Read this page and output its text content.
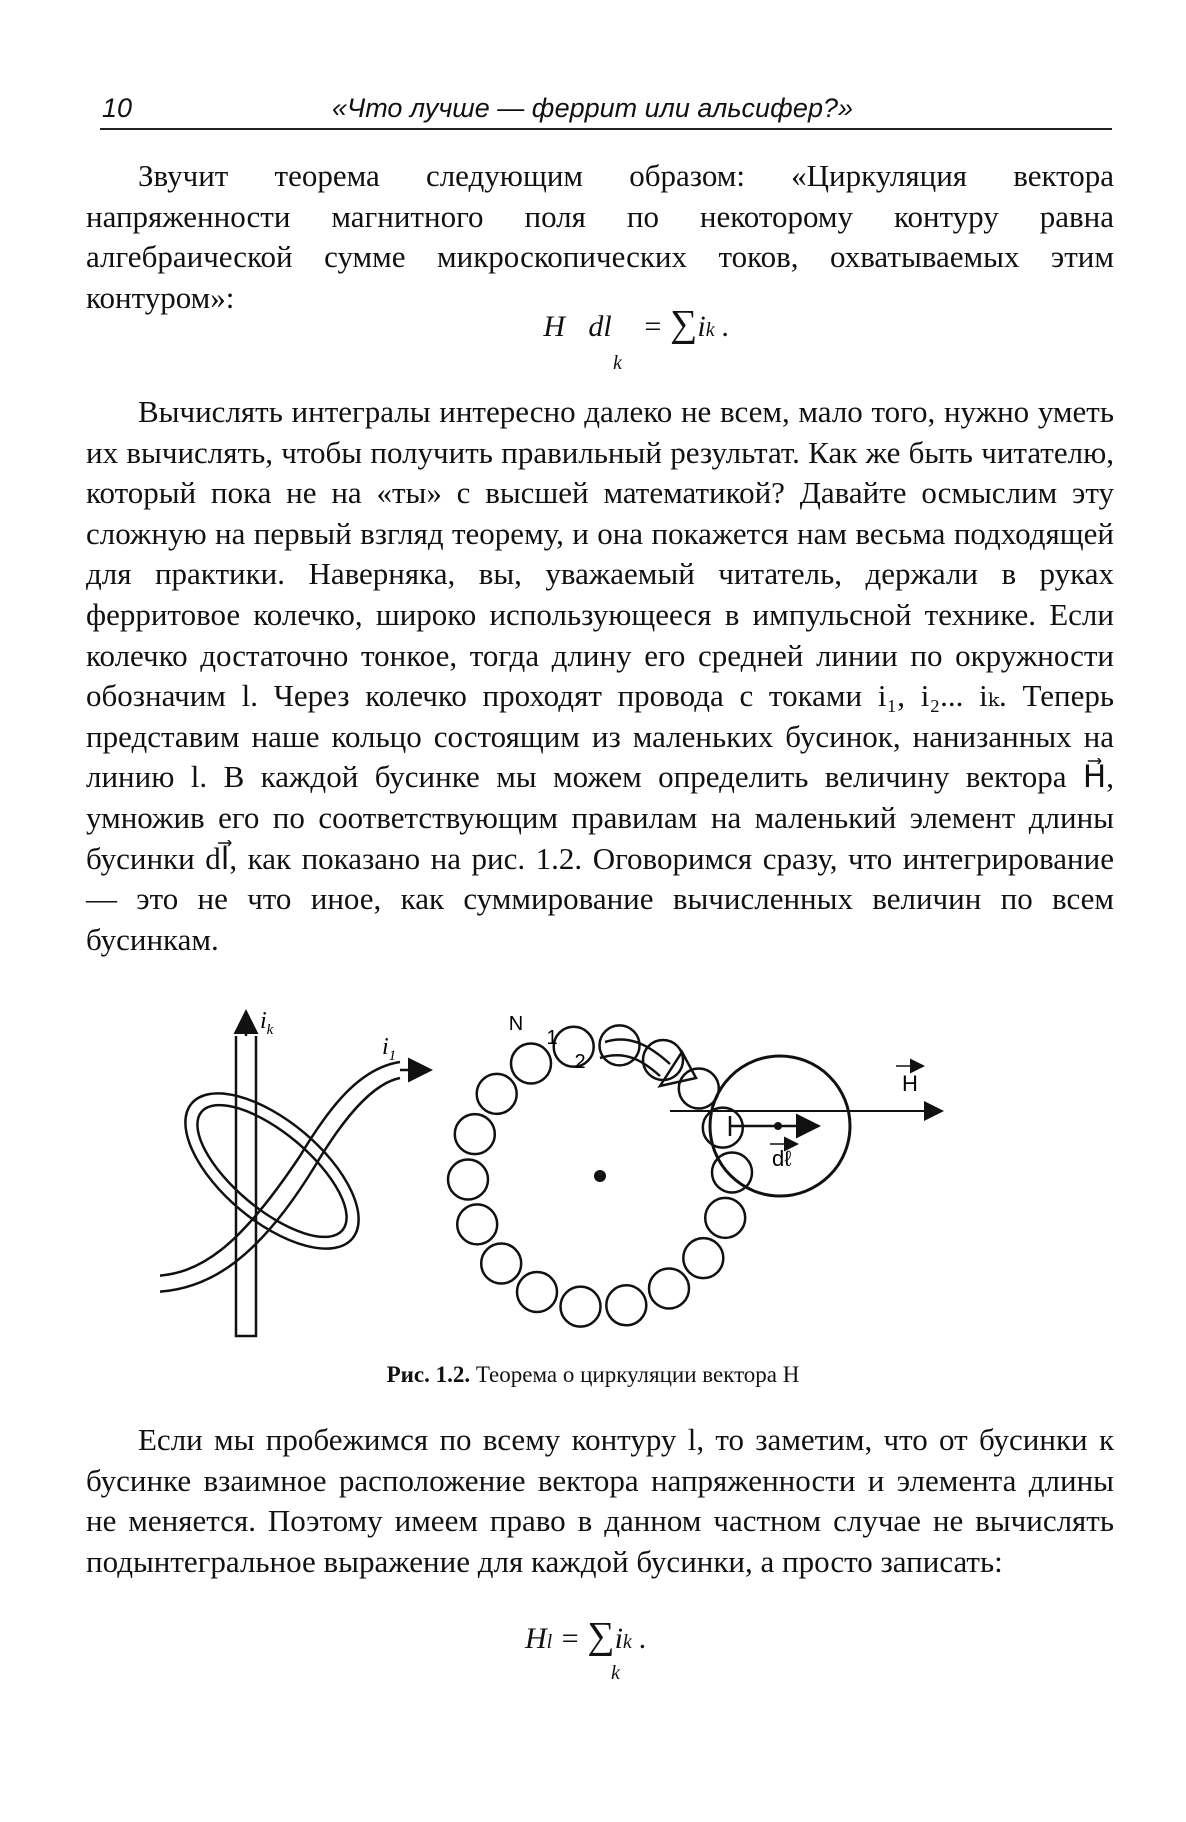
10	«Что лучше — феррит или альсифер?»

Звучит теорема следующим образом: «Циркуляция вектора напряженности магнитного поля по некоторому контуру равна алгебраической сумме микроскопических токов, охватываемых этим контуром»:

∮H⃗dl⃗ = ∑ik .
k

Вычислять интегралы интересно далеко не всем, мало того, нужно уметь их вычислять, чтобы получить правильный результат. Как же быть читателю, который пока не на «ты» с высшей математикой? Давайте осмыслим эту сложную на первый взгляд теорему, и она покажется нам весьма подходящей для практики. Наверняка, вы, уважаемый читатель, держали в руках ферритовое колечко, широко использующееся в импульсной технике. Если колечко достаточно тонкое, тогда длину его средней линии по окружности обозначим l. Через колечко проходят провода с токами i₁, i₂... iₖ. Теперь представим наше кольцо состоящим из маленьких бусинок, нанизанных на линию l. В каждой бусинке мы можем определить величину вектора H⃗, умножив его по соответствующим правилам на маленький элемент длины бусинки dl⃗, как показано на рис. 1.2. Оговоримся сразу, что интегрирование — это не что иное, как суммирование вычисленных величин по всем бусинкам.

$i_k$
$i_1$
N
1
2
H
dℓ
Рис. 1.2. Теорема о циркуляции вектора H

Если мы пробежимся по всему контуру l, то заметим, что от бусинки к бусинке взаимное расположение вектора напряженности и элемента длины не меняется. Поэтому имеем право в данном частном случае не вычислять подынтегральное выражение для каждой бусинки, а просто записать:

Hl = ∑ik .
k
